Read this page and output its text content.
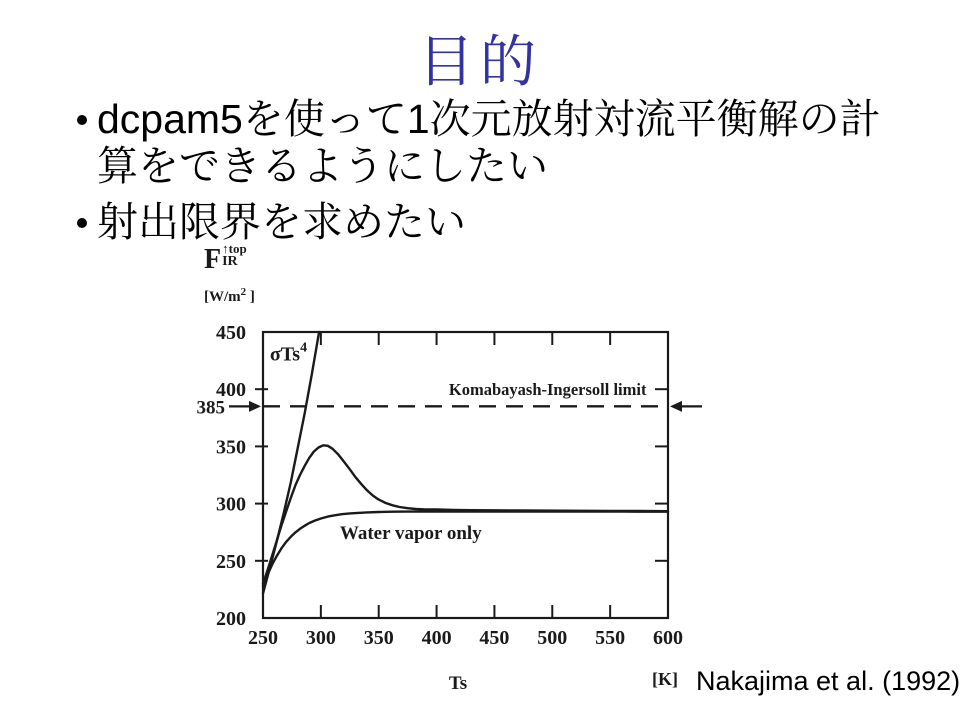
目的
dcpam5を使って1次元放射対流平衡解の計算をできるようにしたい
射出限界を求めたい
F ↑top
IR
[$W/m^2$ ]
250 300 350 400 450 500 550 600
200
250
300
350
400
450
385
σTs$^4$
Komabayash-Ingersoll limit
Water vapor only
Ts	[K] Nakajima et al. (1992)
